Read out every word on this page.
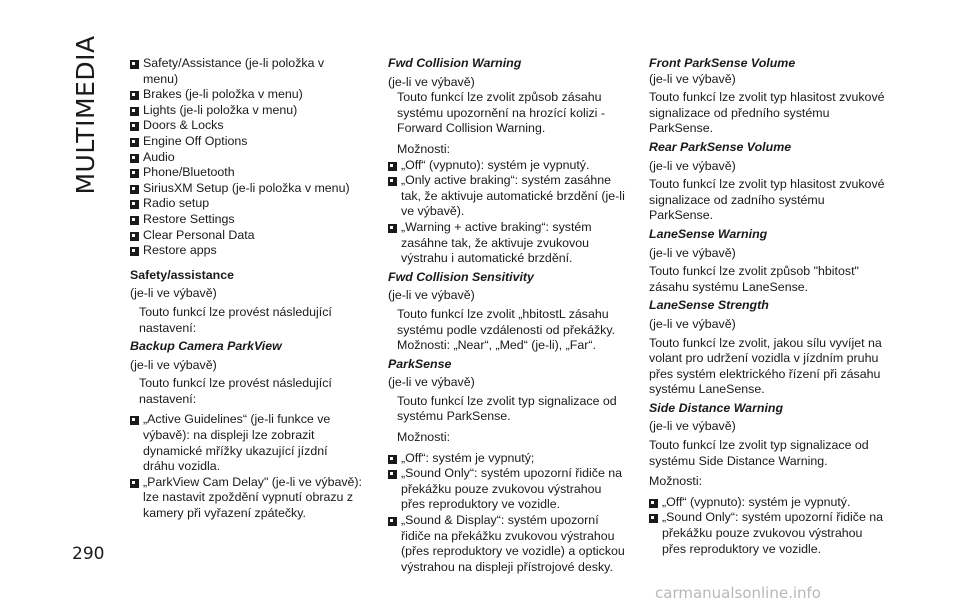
MULTIMEDIA
290
Safety/Assistance (je-li položka v menu)
Brakes (je-li položka v menu)
Lights (je-li položka v menu)
Doors & Locks
Engine Off Options
Audio
Phone/Bluetooth
SiriusXM Setup (je-li položka v menu)
Radio setup
Restore Settings
Clear Personal Data
Restore apps
Safety/assistance
(je-li ve výbavě)
Touto funkcí lze provést následující nastavení:
Backup Camera ParkView
(je-li ve výbavě)
Touto funkcí lze provést následující nastavení:
„Active Guidelines“ (je-li funkce ve výbavě): na displeji lze zobrazit dynamické mřížky ukazující jízdní dráhu vozidla.
„ParkView Cam Delay" (je-li ve výbavě): lze nastavit zpoždění vypnutí obrazu z kamery při vyřazení zpátečky.
Fwd Collision Warning
(je-li ve výbavě)
Touto funkcí lze zvolit způsob zásahu systému upozornění na hrozící kolizi - Forward Collision Warning.
Možnosti:
„Off“ (vypnuto): systém je vypnutý.
„Only active braking“: systém zasáhne tak, že aktivuje automatické brzdění (je-li ve výbavě).
„Warning + active braking“: systém zasáhne tak, že aktivuje zvukovou výstrahu i automatické brzdění.
Fwd Collision Sensitivity
(je-li ve výbavě)
Touto funkcí lze zvolit „hbitostL zásahu systému podle vzdálenosti od překážky.
Možnosti: „Near“, „Med“ (je-li), „Far“.
ParkSense
(je-li ve výbavě)
Touto funkcí lze zvolit typ signalizace od systému ParkSense.
Možnosti:
„Off“: systém je vypnutý;
„Sound Only“: systém upozorní řidiče na překážku pouze zvukovou výstrahou přes reproduktory ve vozidle.
„Sound & Display“: systém upozorní řidiče na překážku zvukovou výstrahou (přes reproduktory ve vozidle) a optickou výstrahou na displeji přístrojové desky.
Front ParkSense Volume
(je-li ve výbavě)
Touto funkcí lze zvolit typ hlasitost zvukové signalizace od předního systému ParkSense.
Rear ParkSense Volume
(je-li ve výbavě)
Touto funkcí lze zvolit typ hlasitost zvukové signalizace od zadního systému ParkSense.
LaneSense Warning
(je-li ve výbavě)
Touto funkcí lze zvolit způsob "hbitost" zásahu systému LaneSense.
LaneSense Strength
(je-li ve výbavě)
Touto funkcí lze zvolit, jakou sílu vyvíjet na volant pro udržení vozidla v jízdním pruhu přes systém elektrického řízení při zásahu systému LaneSense.
Side Distance Warning
(je-li ve výbavě)
Touto funkcí lze zvolit typ signalizace od systému Side Distance Warning.
Možnosti:
„Off“ (vypnuto): systém je vypnutý.
„Sound Only“: systém upozorní řidiče na překážku pouze zvukovou výstrahou přes reproduktory ve vozidle.
carmanualsonline.info
